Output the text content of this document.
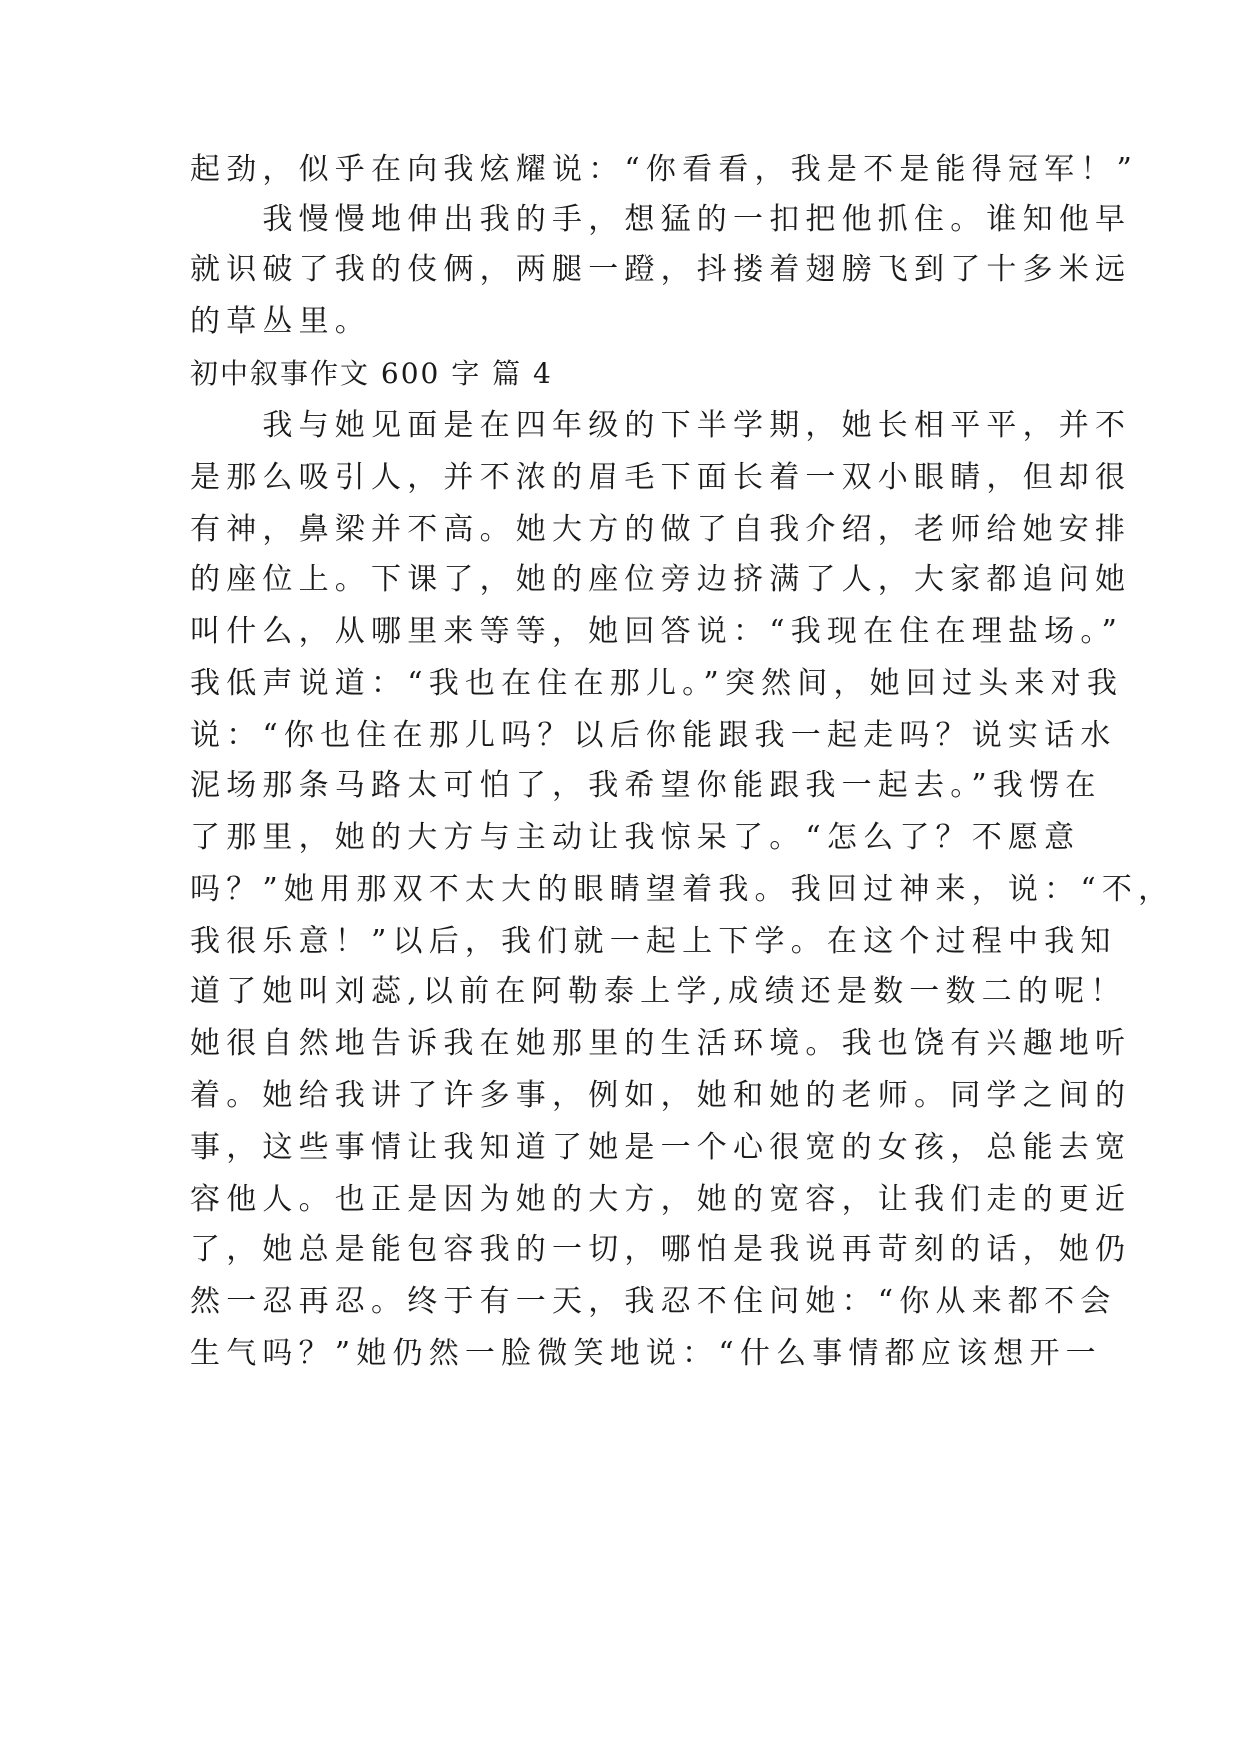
起劲，似乎在向我炫耀说：“你看看，我是不是能得冠军！”
　　我慢慢地伸出我的手，想猛的一扣把他抓住。谁知他早
就识破了我的伎俩，两腿一蹬，抖搂着翅膀飞到了十多米远
的草丛里。
初中叙事作文 600 字 篇 4
　　我与她见面是在四年级的下半学期，她长相平平，并不
是那么吸引人，并不浓的眉毛下面长着一双小眼睛，但却很
有神，鼻梁并不高。她大方的做了自我介绍，老师给她安排
的座位上。下课了，她的座位旁边挤满了人，大家都追问她
叫什么，从哪里来等等，她回答说：“我现在住在理盐场。”
我低声说道：“我也在住在那儿。”突然间，她回过头来对我
说：“你也住在那儿吗？以后你能跟我一起走吗？说实话水
泥场那条马路太可怕了，我希望你能跟我一起去。”我愣在
了那里，她的大方与主动让我惊呆了。“怎么了？不愿意
吗？”她用那双不太大的眼睛望着我。我回过神来，说：“不，
我很乐意！”以后，我们就一起上下学。在这个过程中我知
道了她叫刘蕊,以前在阿勒泰上学,成绩还是数一数二的呢！
她很自然地告诉我在她那里的生活环境。我也饶有兴趣地听
着。她给我讲了许多事，例如，她和她的老师。同学之间的
事，这些事情让我知道了她是一个心很宽的女孩，总能去宽
容他人。也正是因为她的大方，她的宽容，让我们走的更近
了，她总是能包容我的一切，哪怕是我说再苛刻的话，她仍
然一忍再忍。终于有一天，我忍不住问她：“你从来都不会
生气吗？”她仍然一脸微笑地说：“什么事情都应该想开一
